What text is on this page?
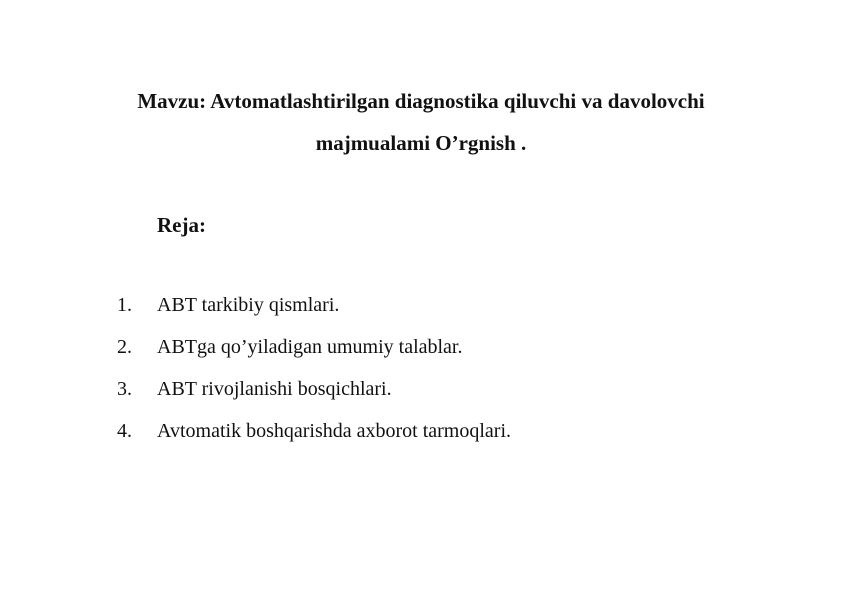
Mavzu: Avtomatlashtirilgan diagnostika qiluvchi va davolovchi
majmualami O’rgnish .
Reja:
1. ABT tarkibiy qismlari.
2. ABTga qo’yiladigan umumiy talablar.
3. ABT rivojlanishi bosqichlari.
4. Avtomatik boshqarishda axborot tarmoqlari.
